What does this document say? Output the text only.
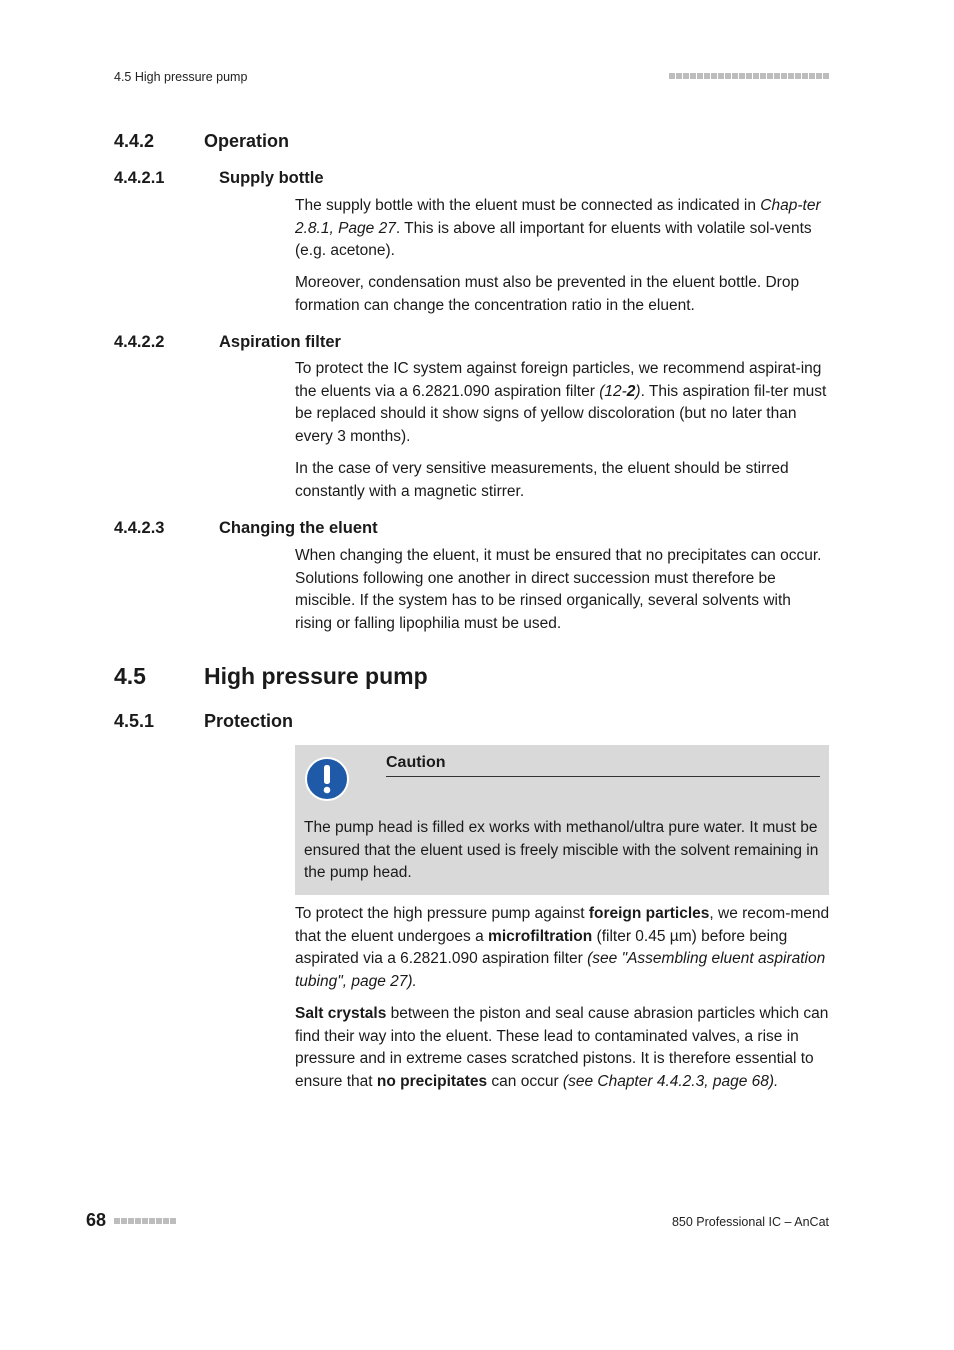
4.5 High pressure pump
4.4.2	Operation
4.4.2.1	Supply bottle

The supply bottle with the eluent must be connected as indicated in Chap-ter 2.8.1, Page 27. This is above all important for eluents with volatile sol-vents (e.g. acetone).

Moreover, condensation must also be prevented in the eluent bottle. Drop formation can change the concentration ratio in the eluent.

4.4.2.2	Aspiration filter

To protect the IC system against foreign particles, we recommend aspirat-ing the eluents via a 6.2821.090 aspiration filter (12-2). This aspiration fil-ter must be replaced should it show signs of yellow discoloration (but no later than every 3 months).

In the case of very sensitive measurements, the eluent should be stirred constantly with a magnetic stirrer.

4.4.2.3	Changing the eluent

When changing the eluent, it must be ensured that no precipitates can occur. Solutions following one another in direct succession must therefore be miscible. If the system has to be rinsed organically, several solvents with rising or falling lipophilia must be used.

4.5	High pressure pump
4.5.1	Protection
Caution
The pump head is filled ex works with methanol/ultra pure water. It must be ensured that the eluent used is freely miscible with the solvent remaining in the pump head.

To protect the high pressure pump against foreign particles, we recom-mend that the eluent undergoes a microfiltration (filter 0.45 µm) before being aspirated via a 6.2821.090 aspiration filter (see "Assembling eluent aspiration tubing", page 27).

Salt crystals between the piston and seal cause abrasion particles which can find their way into the eluent. These lead to contaminated valves, a rise in pressure and in extreme cases scratched pistons. It is therefore essential to ensure that no precipitates can occur (see Chapter 4.4.2.3, page 68).

68	850 Professional IC – AnCat
